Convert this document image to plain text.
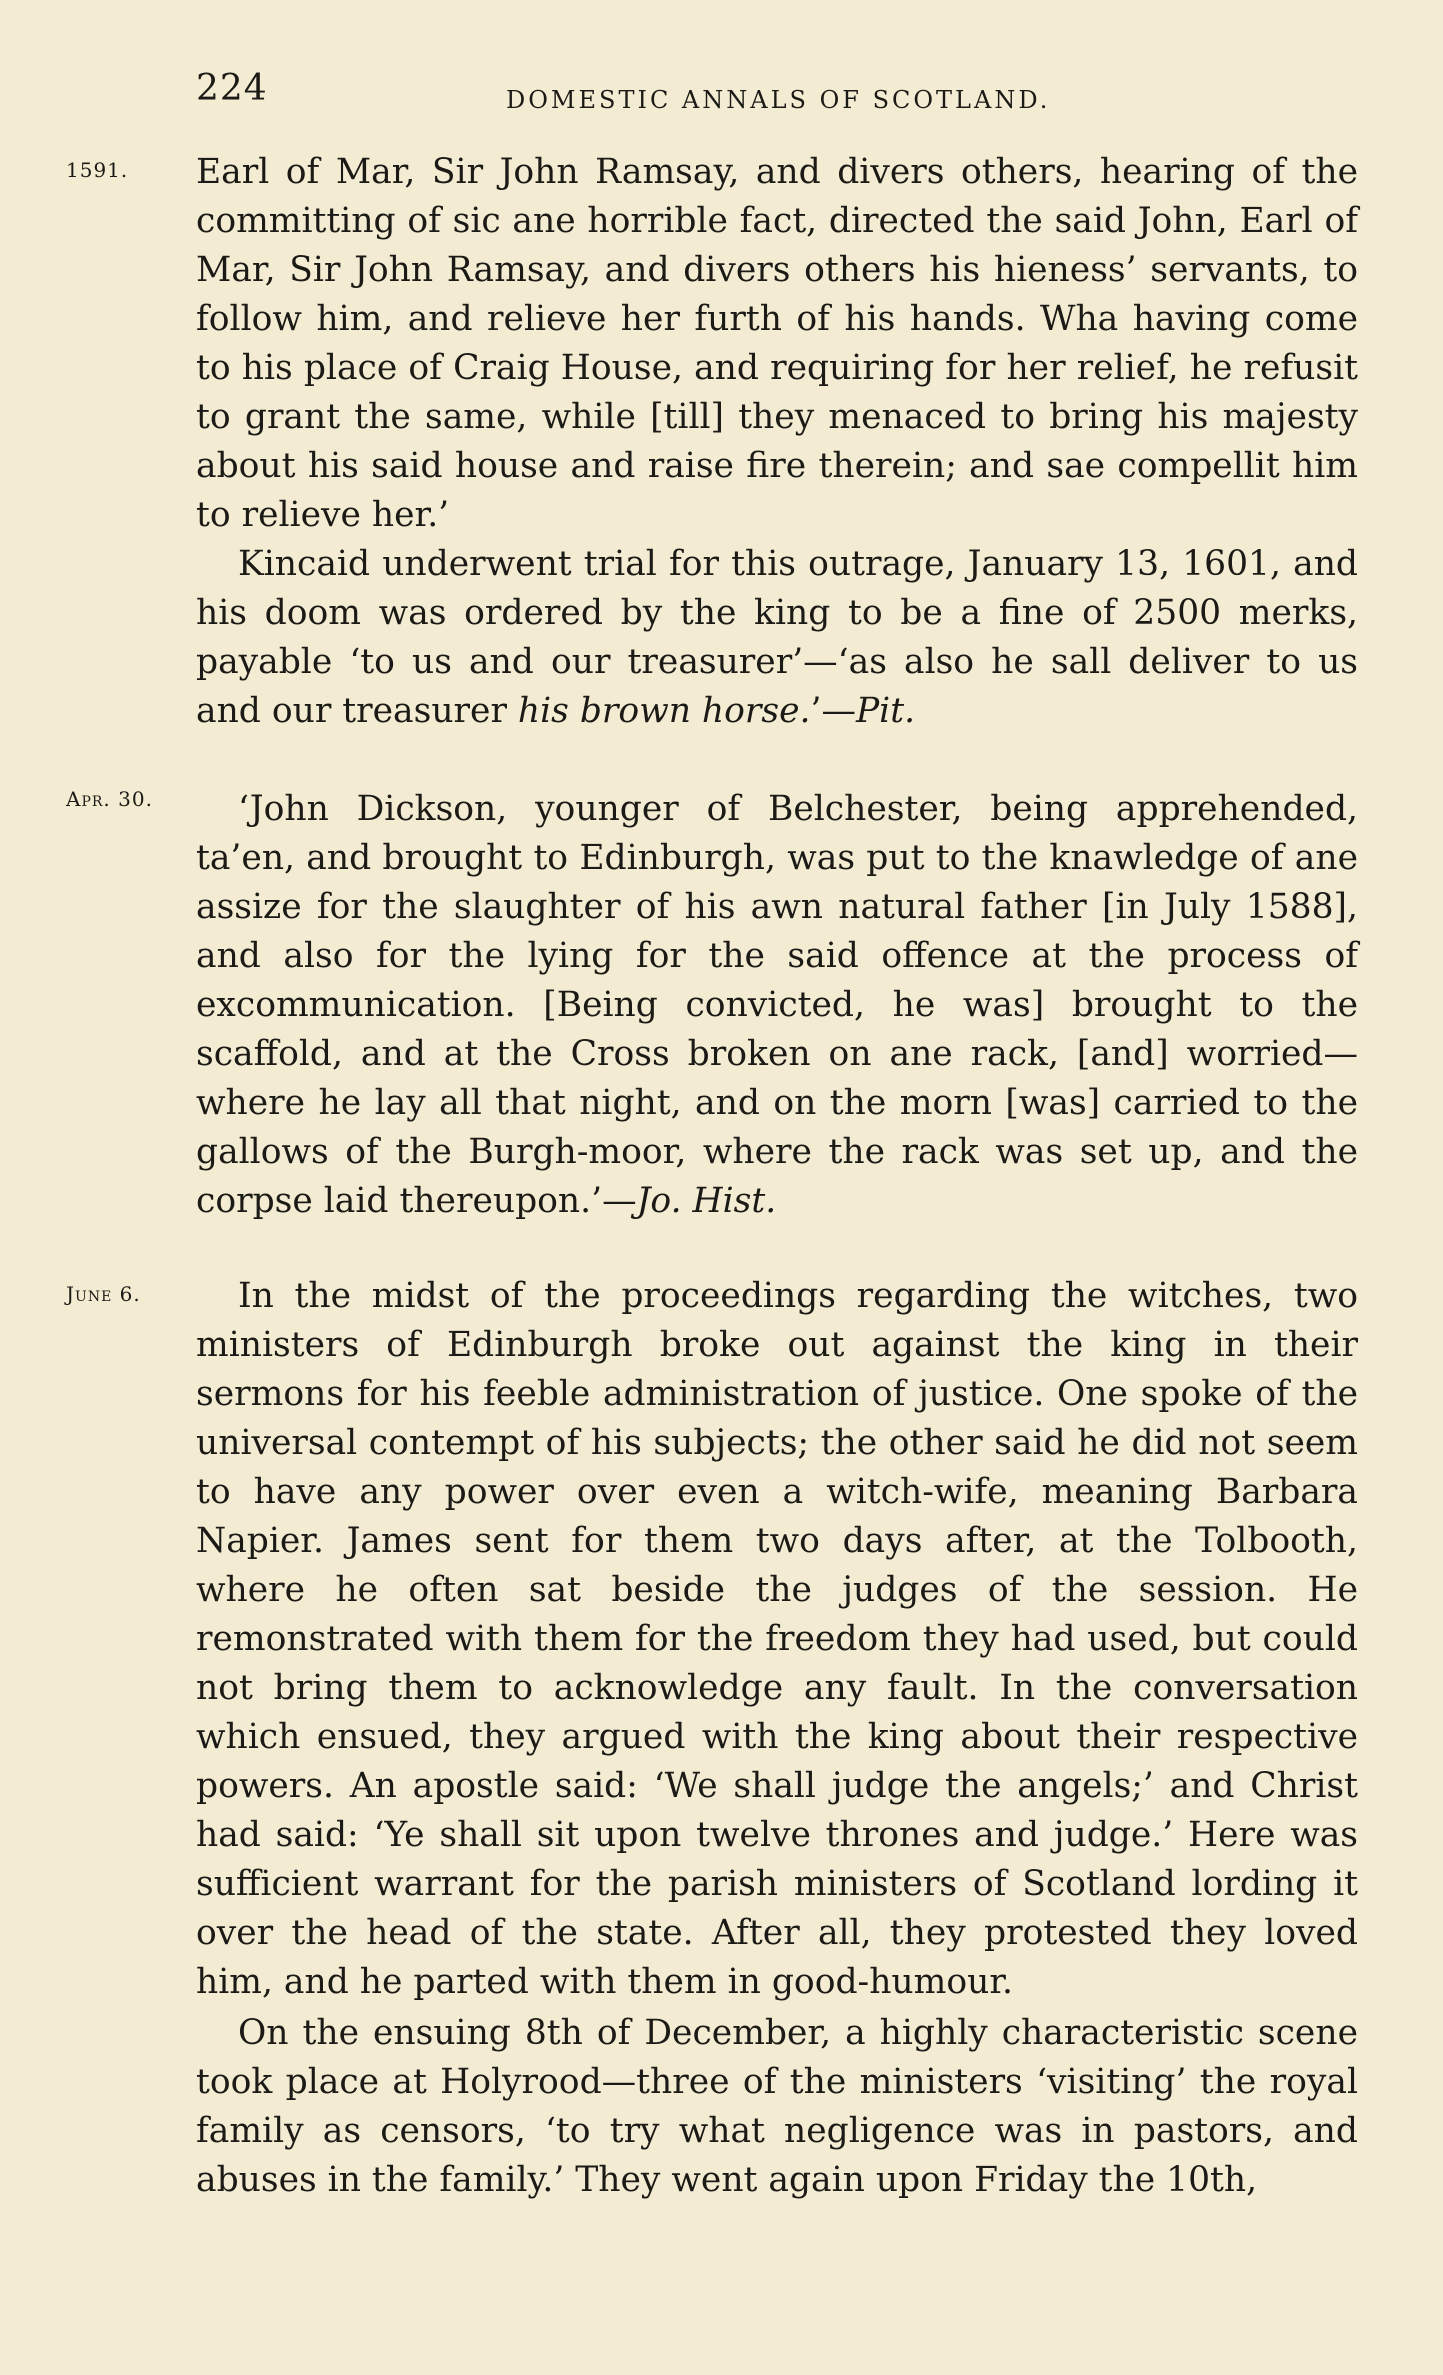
224	DOMESTIC ANNALS OF SCOTLAND.
1591.
Apr. 30.
June 6.

Earl of Mar, Sir John Ramsay, and divers others, hearing of the committing of sic ane horrible fact, directed the said John, Earl of Mar, Sir John Ramsay, and divers others his hieness’ servants, to follow him, and relieve her furth of his hands. Wha having come to his place of Craig House, and requiring for her relief, he refusit to grant the same, while [till] they menaced to bring his majesty about his said house and raise fire therein; and sae compellit him to relieve her.’

Kincaid underwent trial for this outrage, January 13, 1601, and his doom was ordered by the king to be a fine of 2500 merks, payable ‘to us and our treasurer’—‘as also he sall deliver to us and our treasurer his brown horse.’—Pit.

‘John Dickson, younger of Belchester, being apprehended, ta’en, and brought to Edinburgh, was put to the knawledge of ane assize for the slaughter of his awn natural father [in July 1588], and also for the lying for the said offence at the process of excommunication. [Being convicted, he was] brought to the scaffold, and at the Cross broken on ane rack, [and] worried—where he lay all that night, and on the morn [was] carried to the gallows of the Burgh-moor, where the rack was set up, and the corpse laid thereupon.’—Jo. Hist.

In the midst of the proceedings regarding the witches, two ministers of Edinburgh broke out against the king in their sermons for his feeble administration of justice. One spoke of the universal contempt of his subjects; the other said he did not seem to have any power over even a witch-wife, meaning Barbara Napier. James sent for them two days after, at the Tolbooth, where he often sat beside the judges of the session. He remonstrated with them for the freedom they had used, but could not bring them to acknowledge any fault. In the conversation which ensued, they argued with the king about their respective powers. An apostle said: ‘We shall judge the angels;’ and Christ had said: ‘Ye shall sit upon twelve thrones and judge.’ Here was sufficient warrant for the parish ministers of Scotland lording it over the head of the state. After all, they protested they loved him, and he parted with them in good-humour.

On the ensuing 8th of December, a highly characteristic scene took place at Holyrood—three of the ministers ‘visiting’ the royal family as censors, ‘to try what negligence was in pastors, and abuses in the family.’ They went again upon Friday the 10th,
